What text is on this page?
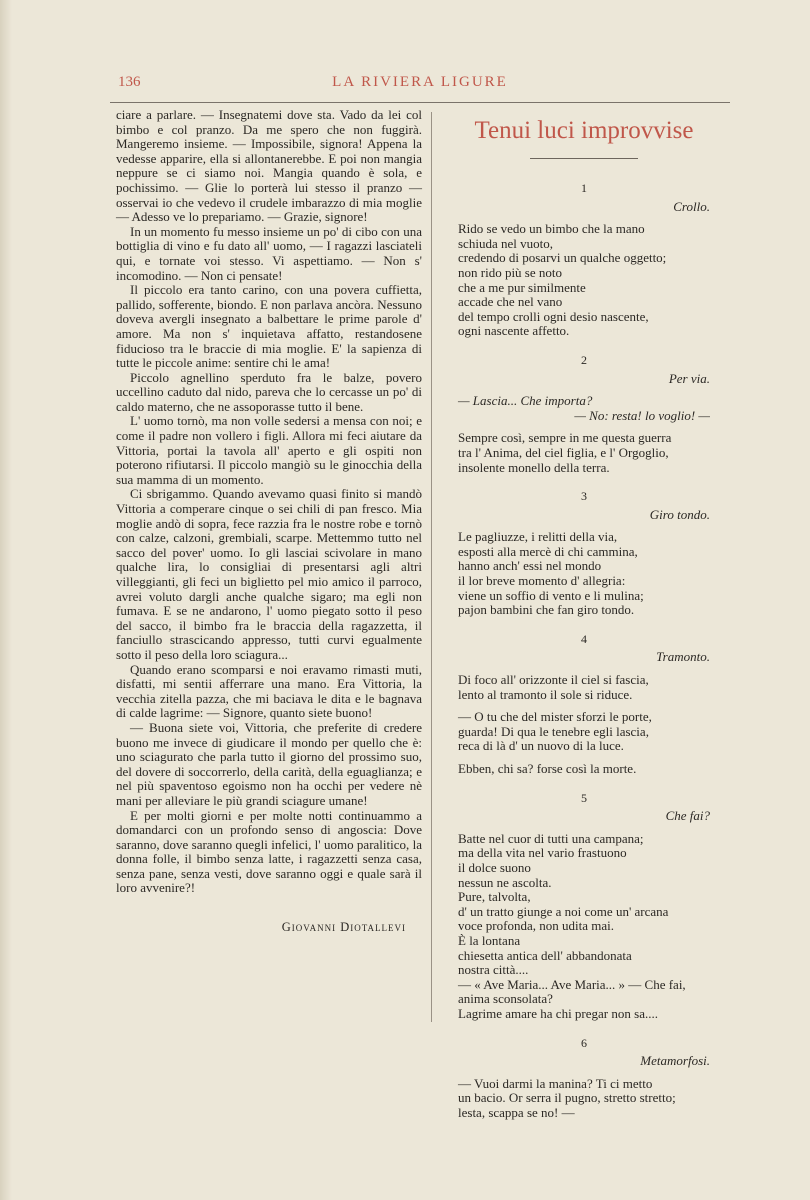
136	LA RIVIERA LIGURE

ciare a parlare. — Insegnatemi dove sta. Vado da lei col bimbo e col pranzo. Da me spero che non fuggirà. Mangeremo insieme. — Impossibile, signora! Appena la vedesse apparire, ella si allontanerebbe. E poi non mangia neppure se ci siamo noi. Mangia quando è sola, e pochissimo. — Glie lo porterà lui stesso il pranzo — osservai io che vedevo il crudele imbarazzo di mia moglie — Adesso ve lo prepariamo. — Grazie, signore!

In un momento fu messo insieme un po' di cibo con una bottiglia di vino e fu dato all' uomo, — I ragazzi lasciateli qui, e tornate voi stesso. Vi aspettiamo. — Non s' incomodino. — Non ci pensate!

Il piccolo era tanto carino, con una povera cuffietta, pallido, sofferente, biondo. E non parlava ancòra. Nessuno doveva avergli insegnato a balbettare le prime parole d' amore. Ma non s' inquietava affatto, restandosene fiducioso tra le braccie di mia moglie. E' la sapienza di tutte le piccole anime: sentire chi le ama!

Piccolo agnellino sperduto fra le balze, povero uccellino caduto dal nido, pareva che lo cercasse un po' di caldo materno, che ne assoporasse tutto il bene.

L' uomo tornò, ma non volle sedersi a mensa con noi; e come il padre non vollero i figli. Allora mi feci aiutare da Vittoria, portai la tavola all' aperto e gli ospiti non poterono rifiutarsi. Il piccolo mangiò su le ginocchia della sua mamma di un momento.

Ci sbrigammo. Quando avevamo quasi finito si mandò Vittoria a comperare cinque o sei chili di pan fresco. Mia moglie andò di sopra, fece razzia fra le nostre robe e tornò con calze, calzoni, grembiali, scarpe. Mettemmo tutto nel sacco del pover' uomo. Io gli lasciai scivolare in mano qualche lira, lo consigliai di presentarsi agli altri villeggianti, gli feci un biglietto pel mio amico il parroco, avrei voluto dargli anche qualche sigaro; ma egli non fumava. E se ne andarono, l' uomo piegato sotto il peso del sacco, il bimbo fra le braccia della ragazzetta, il fanciullo strascicando appresso, tutti curvi egualmente sotto il peso della loro sciagura...

Quando erano scomparsi e noi eravamo rimasti muti, disfatti, mi sentii afferrare una mano. Era Vittoria, la vecchia zitella pazza, che mi baciava le dita e le bagnava di calde lagrime: — Signore, quanto siete buono!

— Buona siete voi, Vittoria, che preferite di credere buono me invece di giudicare il mondo per quello che è: uno sciagurato che parla tutto il giorno del prossimo suo, del dovere di soccorrerlo, della carità, della eguaglianza; e nel più spaventoso egoismo non ha occhi per vedere nè mani per alleviare le più grandi sciagure umane!

E per molti giorni e per molte notti continuammo a domandarci con un profondo senso di angoscia: Dove saranno, dove saranno quegli infelici, l' uomo paralitico, la donna folle, il bimbo senza latte, i ragazzetti senza casa, senza pane, senza vesti, dove saranno oggi e quale sarà il loro avvenire?!

Giovanni Diotallevi

Tenui luci improvvise
1
Crollo.
Rido se vedo un bimbo che la mano
schiuda nel vuoto,
credendo di posarvi un qualche oggetto;
non rido più se noto
che a me pur similmente
accade che nel vano
del tempo crolli ogni desio nascente,
ogni nascente affetto.
2
Per via.
— Lascia... Che importa?
— No: resta! lo voglio! —
Sempre così, sempre in me questa guerra
tra l' Anima, del ciel figlia, e l' Orgoglio,
insolente monello della terra.
3
Giro tondo.
Le pagliuzze, i relitti della via,
esposti alla mercè di chi cammina,
hanno anch' essi nel mondo
il lor breve momento d' allegria:
viene un soffio di vento e li mulina;
pajon bambini che fan giro tondo.
4
Tramonto.
Di foco all' orizzonte il ciel si fascia,
lento al tramonto il sole si riduce.
— O tu che del mister sforzi le porte,
guarda! Di qua le tenebre egli lascia,
reca di là d' un nuovo di la luce.
Ebben, chi sa? forse così la morte.
5
Che fai?
Batte nel cuor di tutti una campana;
ma della vita nel vario frastuono
il dolce suono
nessun ne ascolta.
Pure, talvolta,
d' un tratto giunge a noi come un' arcana
voce profonda, non udita mai.
È la lontana
chiesetta antica dell' abbandonata
nostra città....
— « Ave Maria... Ave Maria... » — Che fai,
anima sconsolata?
Lagrime amare ha chi pregar non sa....
6
Metamorfosi.
— Vuoi darmi la manina? Ti ci metto
un bacio. Or serra il pugno, stretto stretto;
lesta, scappa se no! —
